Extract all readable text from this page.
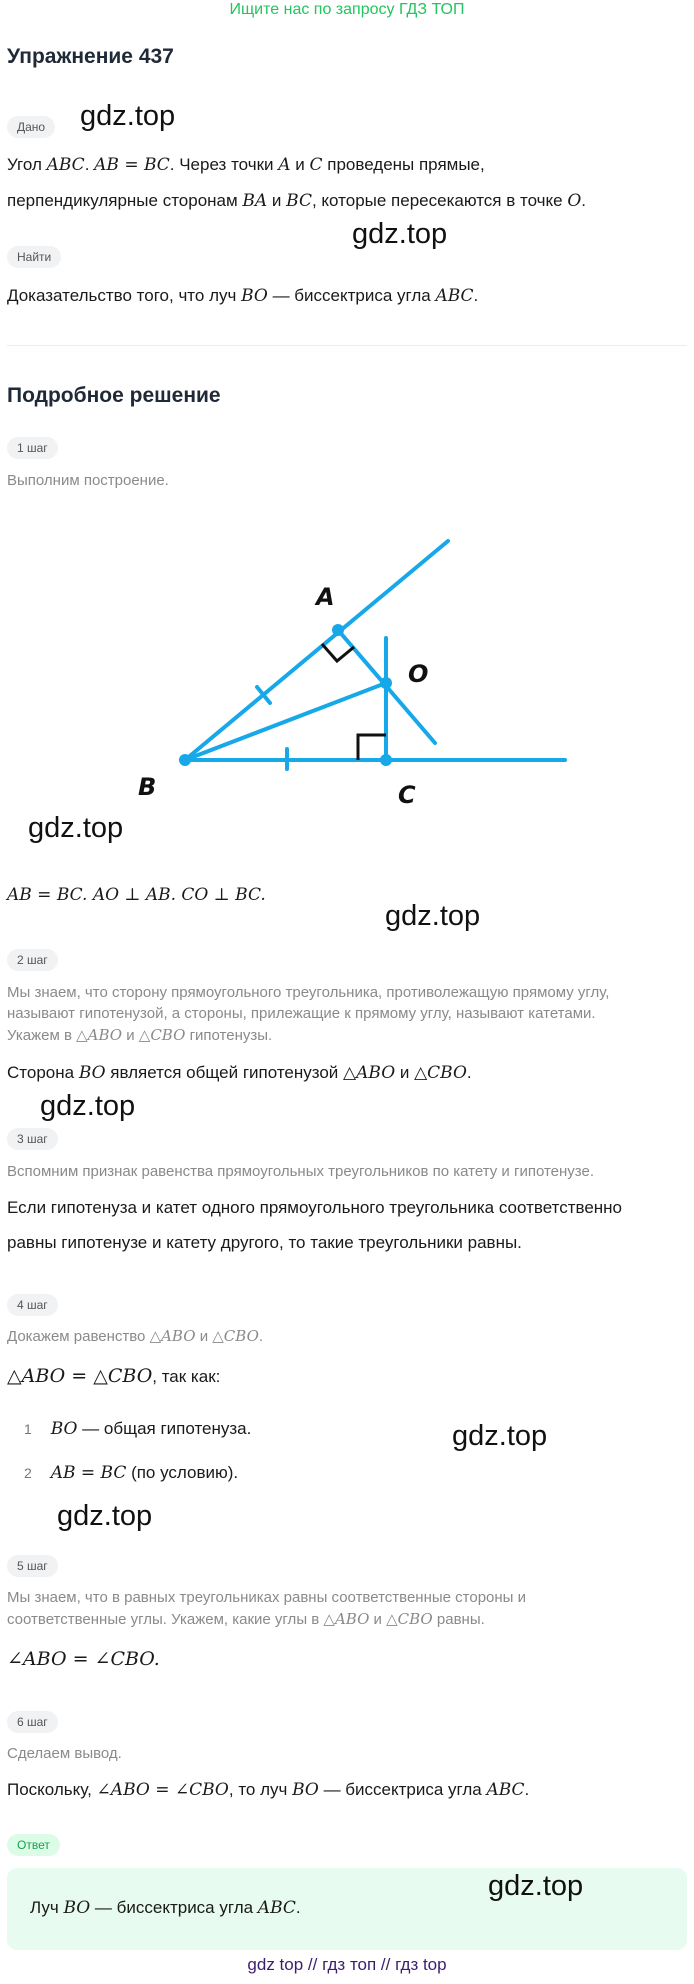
Ищите нас по запросу ГДЗ ТОП
Упражнение 437
Дано	gdz.top
Угол ABC. AB = BC. Через точки A и C проведены прямые,
перпендикулярные сторонам BA и BC, которые пересекаются в точке O.
gdz.top
Найти
Доказательство того, что луч BO — биссектриса угла ABC.
Подробное решение
1 шаг
Выполним построение.
A
O
B	C
gdz.top
AB = BC. AO ⊥ AB. CO ⊥ BC.
gdz.top
2 шаг
Мы знаем, что сторону прямоугольного треугольника, противолежащую прямому углу,
называют гипотенузой, а стороны, прилежащие к прямому углу, называют катетами.
Укажем в △ABO и △CBO гипотенузы.
Сторона BO является общей гипотенузой △ABO и △CBO.
gdz.top
3 шаг
Вспомним признак равенства прямоугольных треугольников по катету и гипотенузе.
Если гипотенуза и катет одного прямоугольного треугольника соответственно
равны гипотенузе и катету другого, то такие треугольники равны.
4 шаг
Докажем равенство △ABO и △CBO.
△ABO = △CBO, так как:
1 BO — общая гипотенуза.
2 AB = BC (по условию).
gdz.top
gdz.top
5 шаг
Мы знаем, что в равных треугольниках равны соответственные стороны и
соответственные углы. Укажем, какие углы в △ABO и △CBO равны.
∠ABO = ∠CBO.
6 шаг
Сделаем вывод.
Поскольку, ∠ABO = ∠CBO, то луч BO — биссектриса угла ABC.
Ответ
Луч BO — биссектриса угла ABC.
gdz.top
gdz top // гдз топ // гдз top
